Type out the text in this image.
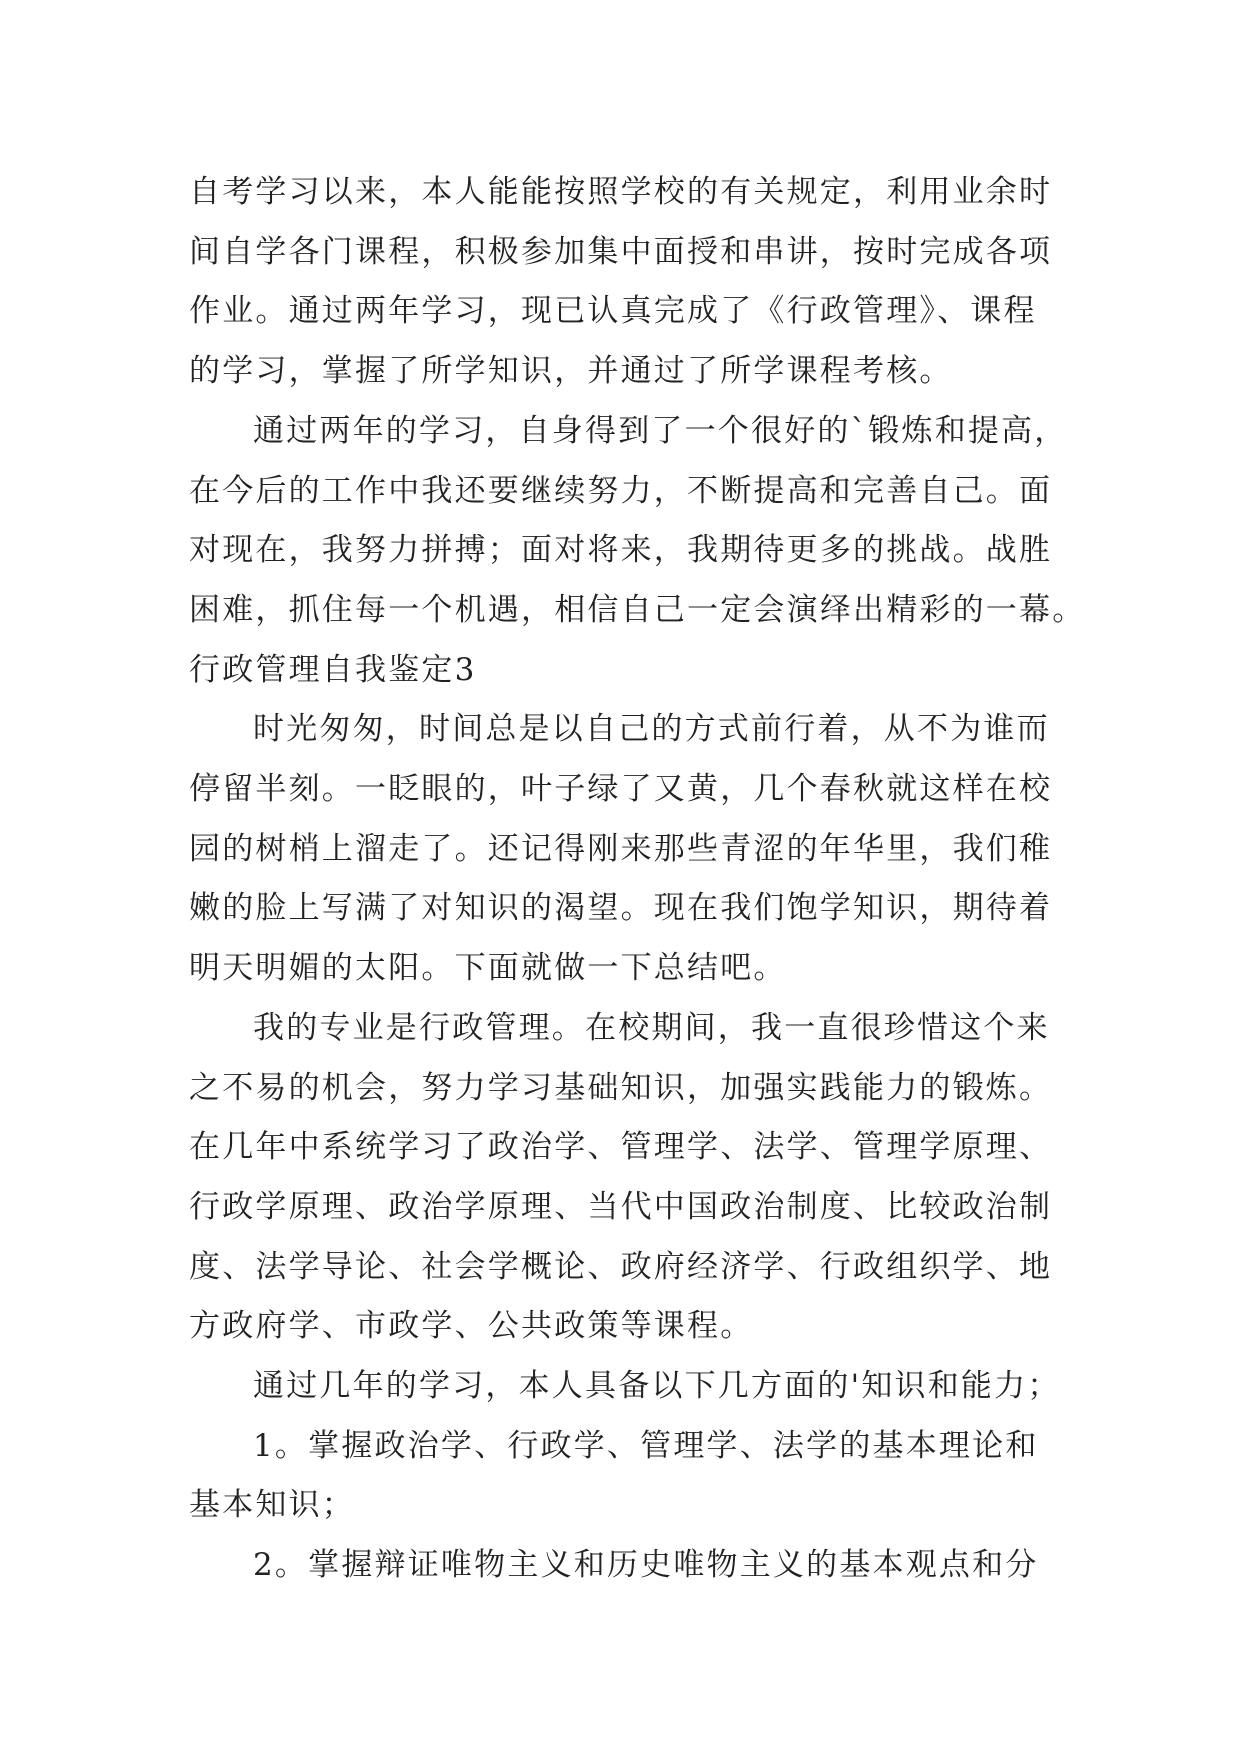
自考学习以来，本人能能按照学校的有关规定，利用业余时

间自学各门课程，积极参加集中面授和串讲，按时完成各项

作业。通过两年学习，现已认真完成了《行政管理》、课程

的学习，掌握了所学知识，并通过了所学课程考核。

通过两年的学习，自身得到了一个很好的`锻炼和提高，

在今后的工作中我还要继续努力，不断提高和完善自己。面

对现在，我努力拼搏；面对将来，我期待更多的挑战。战胜

困难，抓住每一个机遇，相信自己一定会演绎出精彩的一幕。

行政管理自我鉴定3

时光匆匆，时间总是以自己的方式前行着，从不为谁而

停留半刻。一眨眼的，叶子绿了又黄，几个春秋就这样在校

园的树梢上溜走了。还记得刚来那些青涩的年华里，我们稚

嫩的脸上写满了对知识的渴望。现在我们饱学知识，期待着

明天明媚的太阳。下面就做一下总结吧。

我的专业是行政管理。在校期间，我一直很珍惜这个来

之不易的机会，努力学习基础知识，加强实践能力的锻炼。

在几年中系统学习了政治学、管理学、法学、管理学原理、

行政学原理、政治学原理、当代中国政治制度、比较政治制

度、法学导论、社会学概论、政府经济学、行政组织学、地

方政府学、市政学、公共政策等课程。

通过几年的学习，本人具备以下几方面的'知识和能力；

1。掌握政治学、行政学、管理学、法学的基本理论和

基本知识；

2。掌握辩证唯物主义和历史唯物主义的基本观点和分
